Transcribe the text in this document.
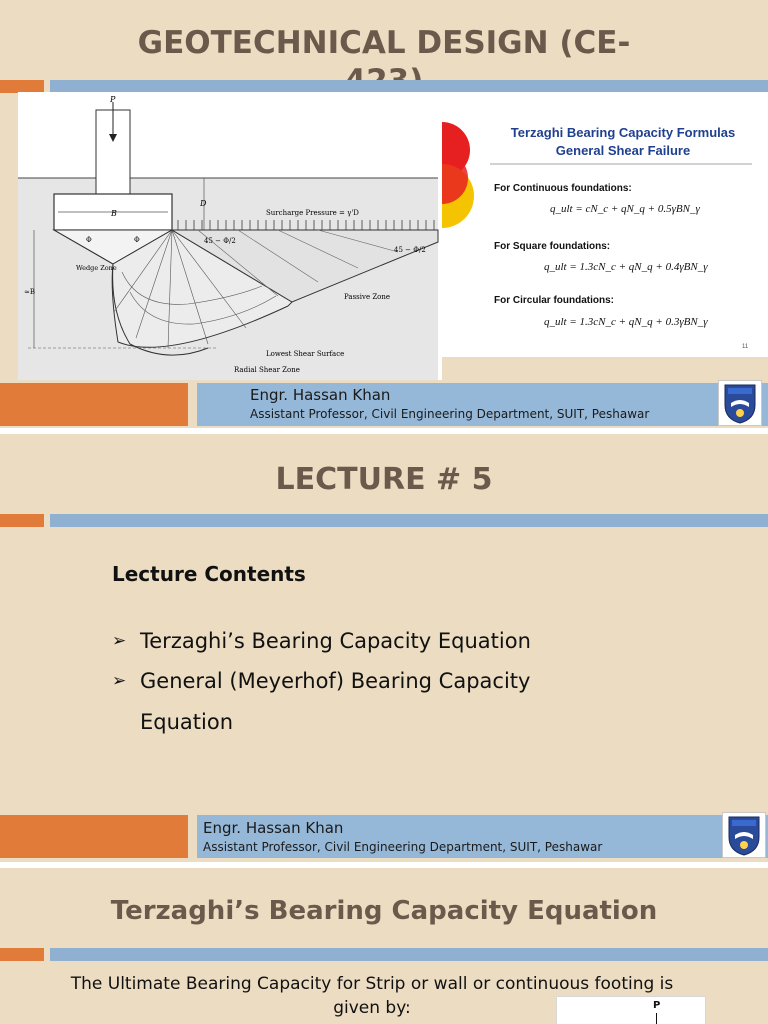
GEOTECHNICAL DESIGN (CE-
P
B
D
Surcharge Pressure = γ'D
Φ	Φ	45 − Φ/2
45 − Φ/2
Passive Zone
Wedge Zone
Lowest Shear Surface
Radial Shear Zone
≈B
Terzaghi Bearing Capacity Formulas
General Shear Failure
For Continuous foundations:
q_ult = cN_c + qN_q + 0.5γBN_γ
For Square foundations:
q_ult = 1.3cN_c + qN_q + 0.4γBN_γ
For Circular foundations:
q_ult = 1.3cN_c + qN_q + 0.3γBN_γ
11
Engr. Hassan Khan
Assistant Professor, Civil Engineering Department, SUIT, Peshawar
LECTURE # 5
Lecture Contents
➢ Terzaghi’s Bearing Capacity Equation
➢ General (Meyerhof) Bearing Capacity
Equation
Engr. Hassan Khan
Assistant Professor, Civil Engineering Department, SUIT, Peshawar
Terzaghi’s Bearing Capacity Equation
The Ultimate Bearing Capacity for Strip or wall or continuous footing is
given by:	P
